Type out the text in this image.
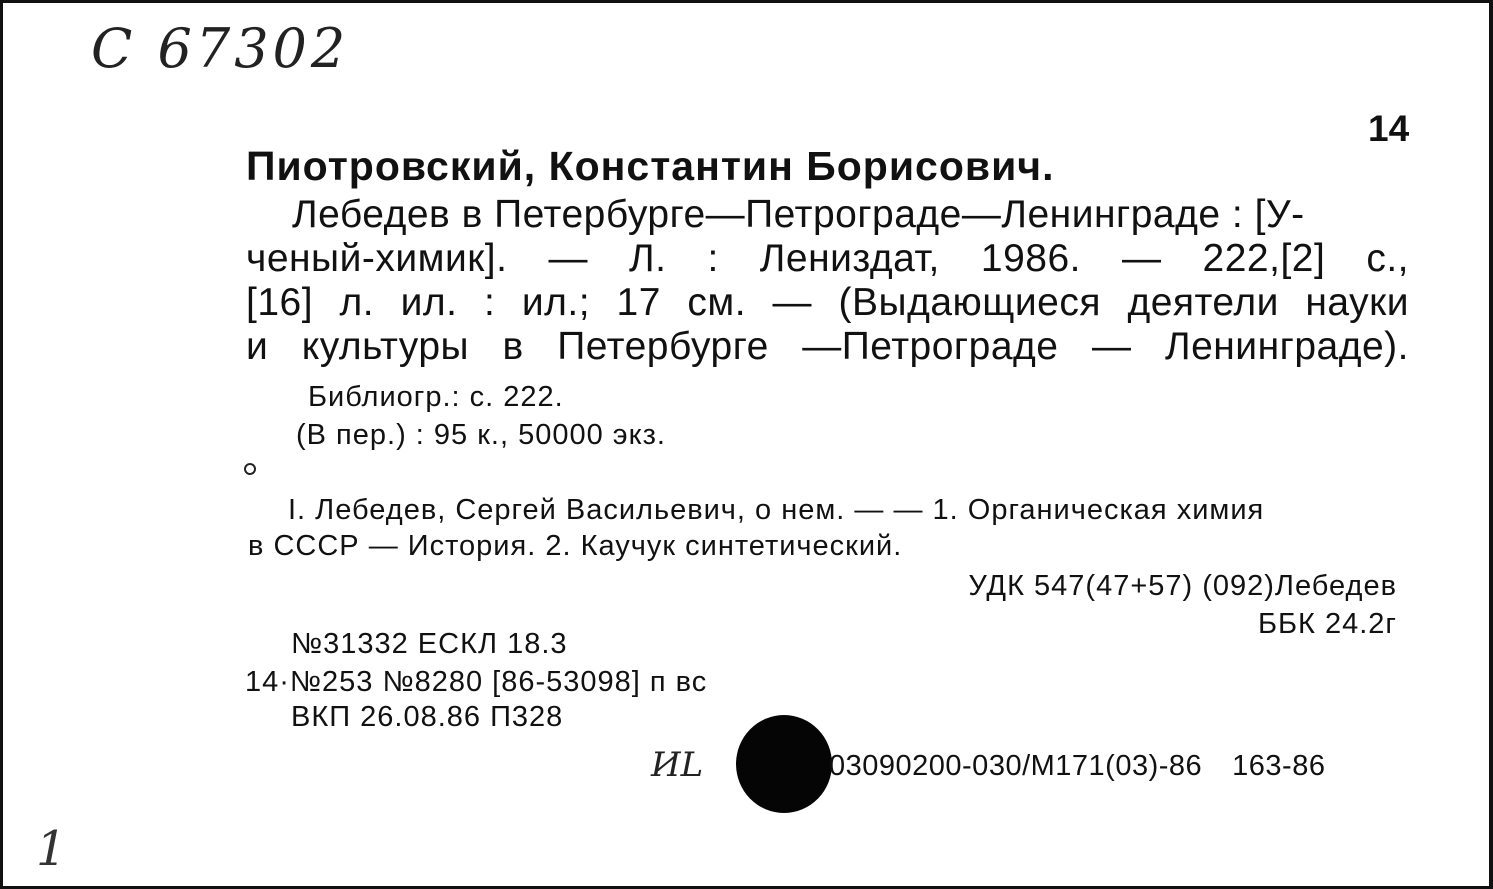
C 67302
14
Пиотровский, Константин Борисович.
Лебедев в Петербурге—Петрограде—Ленинграде : [У-
ченый-химик]. — Л. : Лениздат, 1986. — 222,[2] с.,
[16] л. ил. : ил.; 17 см. — (Выдающиеся деятели науки
и культуры в Петербурге —Петрограде — Ленинграде).
Библиогр.: с. 222.
(В пер.) : 95 к., 50000 экз.
I. Лебедев, Сергей Васильевич, о нем. — — 1. Органическая химия
в СССР — История. 2. Каучук синтетический.
УДК 547(47+57) (092)Лебедев
ББК 24.2г
№31332 ЕСКЛ 18.3
14·№253 №8280 [86-53098] п вс
ВКП 26.08.86 П328
ИL	03090200-030/М171(03)-86 163-86
1
